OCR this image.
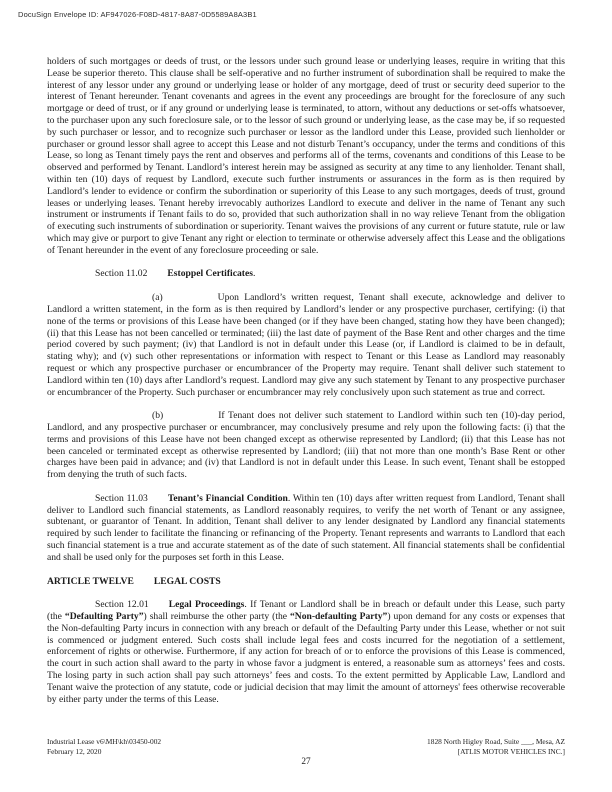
DocuSign Envelope ID: AF947026-F08D-4817-8A87-0D5589A8A3B1

holders of such mortgages or deeds of trust, or the lessors under such ground lease or underlying leases, require in writing that this Lease be superior thereto. This clause shall be self-operative and no further instrument of subordination shall be required to make the interest of any lessor under any ground or underlying lease or holder of any mortgage, deed of trust or security deed superior to the interest of Tenant hereunder. Tenant covenants and agrees in the event any proceedings are brought for the foreclosure of any such mortgage or deed of trust, or if any ground or underlying lease is terminated, to attorn, without any deductions or set-offs whatsoever, to the purchaser upon any such foreclosure sale, or to the lessor of such ground or underlying lease, as the case may be, if so requested by such purchaser or lessor, and to recognize such purchaser or lessor as the landlord under this Lease, provided such lienholder or purchaser or ground lessor shall agree to accept this Lease and not disturb Tenant’s occupancy, under the terms and conditions of this Lease, so long as Tenant timely pays the rent and observes and performs all of the terms, covenants and conditions of this Lease to be observed and performed by Tenant. Landlord’s interest herein may be assigned as security at any time to any lienholder. Tenant shall, within ten (10) days of request by Landlord, execute such further instruments or assurances in the form as is then required by Landlord’s lender to evidence or confirm the subordination or superiority of this Lease to any such mortgages, deeds of trust, ground leases or underlying leases. Tenant hereby irrevocably authorizes Landlord to execute and deliver in the name of Tenant any such instrument or instruments if Tenant fails to do so, provided that such authorization shall in no way relieve Tenant from the obligation of executing such instruments of subordination or superiority. Tenant waives the provisions of any current or future statute, rule or law which may give or purport to give Tenant any right or election to terminate or otherwise adversely affect this Lease and the obligations of Tenant hereunder in the event of any foreclosure proceeding or sale.

Section 11.02 Estoppel Certificates.

(a)	Upon Landlord’s written request, Tenant shall execute, acknowledge and deliver to Landlord a written statement, in the form as is then required by Landlord’s lender or any prospective purchaser, certifying: (i) that none of the terms or provisions of this Lease have been changed (or if they have been changed, stating how they have been changed); (ii) that this Lease has not been cancelled or terminated; (iii) the last date of payment of the Base Rent and other charges and the time period covered by such payment; (iv) that Landlord is not in default under this Lease (or, if Landlord is claimed to be in default, stating why); and (v) such other representations or information with respect to Tenant or this Lease as Landlord may reasonably request or which any prospective purchaser or encumbrancer of the Property may require. Tenant shall deliver such statement to Landlord within ten (10) days after Landlord’s request. Landlord may give any such statement by Tenant to any prospective purchaser or encumbrancer of the Property. Such purchaser or encumbrancer may rely conclusively upon such statement as true and correct.

(b)	If Tenant does not deliver such statement to Landlord within such ten (10)-day period, Landlord, and any prospective purchaser or encumbrancer, may conclusively presume and rely upon the following facts: (i) that the terms and provisions of this Lease have not been changed except as otherwise represented by Landlord; (ii) that this Lease has not been canceled or terminated except as otherwise represented by Landlord; (iii) that not more than one month’s Base Rent or other charges have been paid in advance; and (iv) that Landlord is not in default under this Lease. In such event, Tenant shall be estopped from denying the truth of such facts.

Section 11.03 Tenant’s Financial Condition. Within ten (10) days after written request from Landlord, Tenant shall deliver to Landlord such financial statements, as Landlord reasonably requires, to verify the net worth of Tenant or any assignee, subtenant, or guarantor of Tenant. In addition, Tenant shall deliver to any lender designated by Landlord any financial statements required by such lender to facilitate the financing or refinancing of the Property. Tenant represents and warrants to Landlord that each such financial statement is a true and accurate statement as of the date of such statement. All financial statements shall be confidential and shall be used only for the purposes set forth in this Lease.

ARTICLE TWELVE LEGAL COSTS

Section 12.01 Legal Proceedings. If Tenant or Landlord shall be in breach or default under this Lease, such party (the “Defaulting Party”) shall reimburse the other party (the “Non-defaulting Party”) upon demand for any costs or expenses that the Non-defaulting Party incurs in connection with any breach or default of the Defaulting Party under this Lease, whether or not suit is commenced or judgment entered. Such costs shall include legal fees and costs incurred for the negotiation of a settlement, enforcement of rights or otherwise. Furthermore, if any action for breach of or to enforce the provisions of this Lease is commenced, the court in such action shall award to the party in whose favor a judgment is entered, a reasonable sum as attorneys’ fees and costs. The losing party in such action shall pay such attorneys’ fees and costs. To the extent permitted by Applicable Law, Landlord and Tenant waive the protection of any statute, code or judicial decision that may limit the amount of attorneys' fees otherwise recoverable by either party under the terms of this Lease.

Industrial Lease v6\MH\kh\03450-002
February 12, 2020
1828 North Higley Road, Suite ___, Mesa, AZ
[ATLIS MOTOR VEHICLES INC.]
27
